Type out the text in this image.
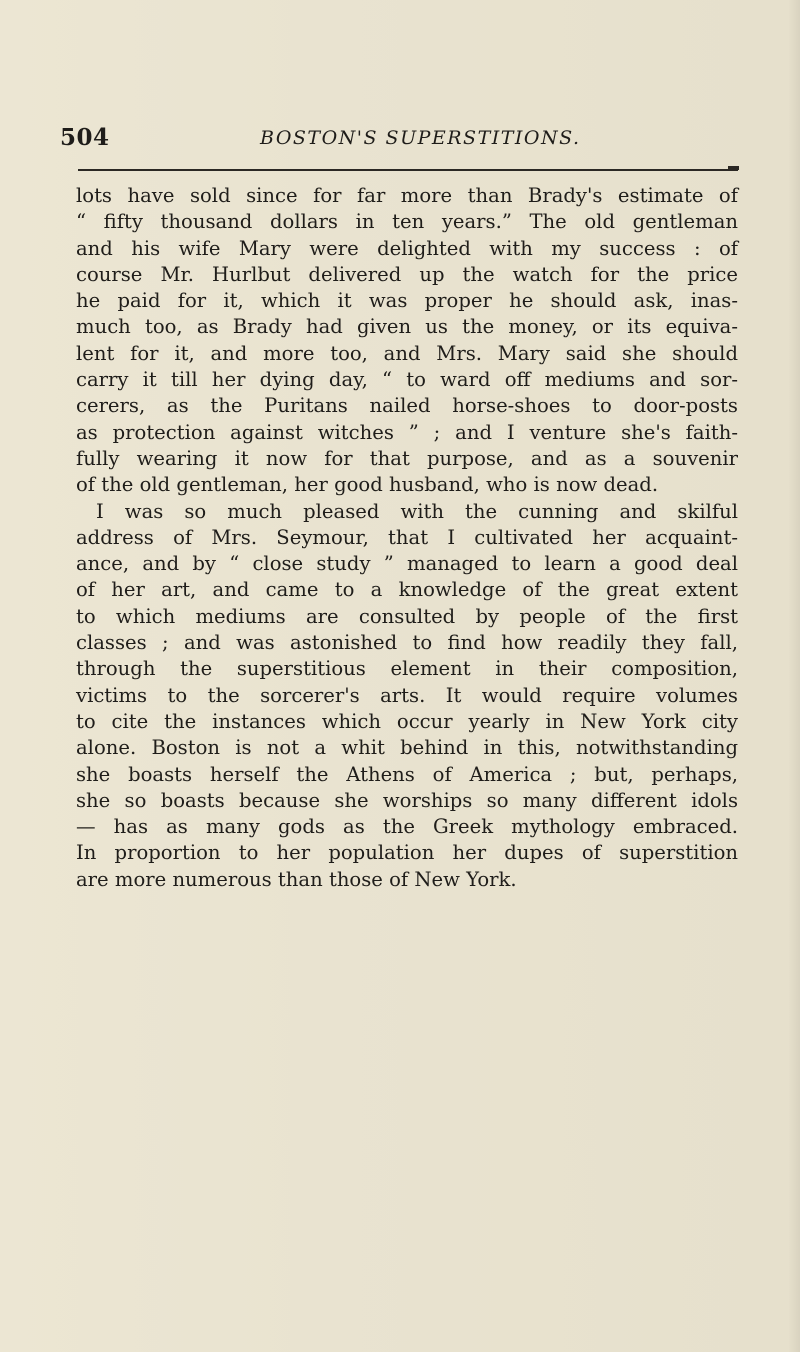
504	BOSTON'S SUPERSTITIONS.
lots have sold since for far more than Brady's estimate of
“ fifty thousand dollars in ten years.” The old gentleman
and his wife Mary were delighted with my success : of
course Mr. Hurlbut delivered up the watch for the price
he paid for it, which it was proper he should ask, inas-
much too, as Brady had given us the money, or its equiva-
lent for it, and more too, and Mrs. Mary said she should
carry it till her dying day, “ to ward off mediums and sor-
cerers, as the Puritans nailed horse-shoes to door-posts
as protection against witches ” ; and I venture she's faith-
fully wearing it now for that purpose, and as a souvenir
of the old gentleman, her good husband, who is now dead.
I was so much pleased with the cunning and skilful
address of Mrs. Seymour, that I cultivated her acquaint-
ance, and by “ close study ” managed to learn a good deal
of her art, and came to a knowledge of the great extent
to which mediums are consulted by people of the first
classes ; and was astonished to find how readily they fall,
through the superstitious element in their composition,
victims to the sorcerer's arts. It would require volumes
to cite the instances which occur yearly in New York city
alone. Boston is not a whit behind in this, notwithstanding
she boasts herself the Athens of America ; but, perhaps,
she so boasts because she worships so many different idols
— has as many gods as the Greek mythology embraced.
In proportion to her population her dupes of superstition
are more numerous than those of New York.
